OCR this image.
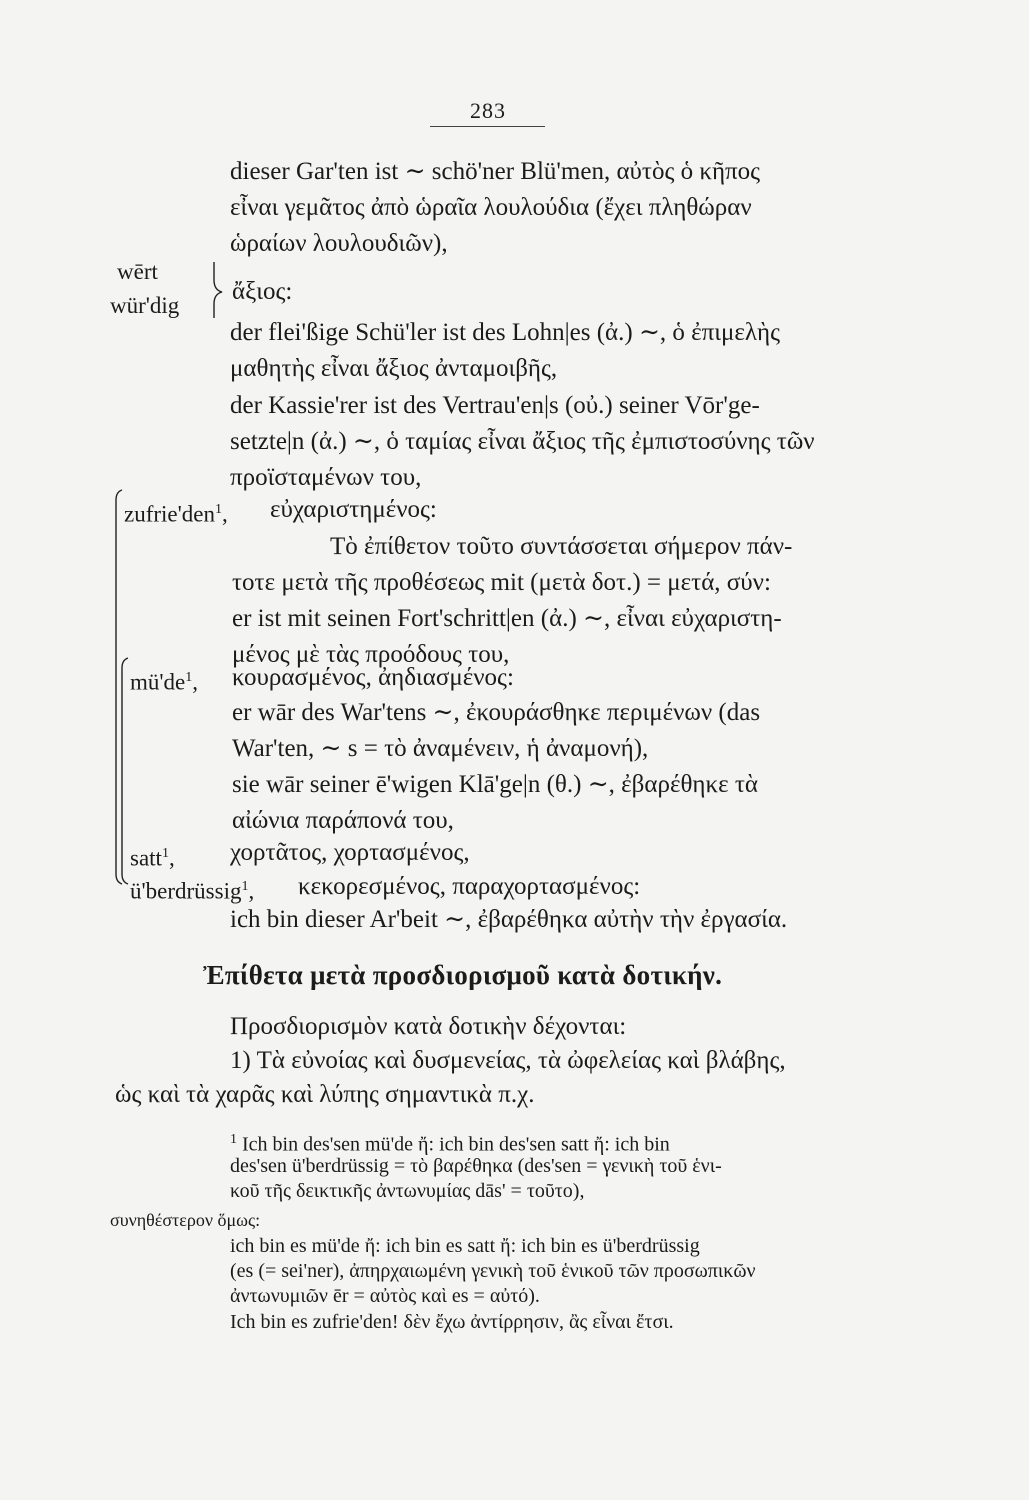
283
dieser Gar'ten ist ∼ schö'ner Blü'men, αὐτὸς ὁ κῆπος
εἶναι γεμᾶτος ἀπὸ ὡραῖα λουλούδια (ἔχει πληθώραν
ὡραίων λουλουδιῶν),
wērt
wür'dig
ἄξιος:
der flei'ßige Schü'ler ist des Lohn|es (ἀ.) ∼, ὁ ἐπιμελὴς
μαθητὴς εἶναι ἄξιος ἀνταμοιβῆς,
der Kassie'rer ist des Vertrau'en|s (οὐ.) seiner Vōr'ge-
setzte|n (ἀ.) ∼, ὁ ταμίας εἶναι ἄξιος τῆς ἐμπιστοσύνης τῶν
προϊσταμένων του,
zufrie'den$^1$, εὐχαριστημένος:
Τὸ ἐπίθετον τοῦτο συντάσσεται σήμερον πάν-
τοτε μετὰ τῆς προθέσεως mit (μετὰ δοτ.) = μετά, σύν:
er ist mit seinen Fort'schritt|en (ἀ.) ∼, εἶναι εὐχαριστη-
μένος μὲ τὰς προόδους του,
$mü'de^1$, κουρασμένος, ἀηδιασμένος:
er wār des War'tens ∼, ἐκουράσθηκε περιμένων (das
War'ten, ∼ s = τὸ ἀναμένειν, ἡ ἀναμονή),
sie wār seiner ē'wigen Klā'ge|n (θ.) ∼, ἐβαρέθηκε τὰ
αἰώνια παράπονά του,
satt$^1$, χορτᾶτος, χορτασμένος,
ü'berdrüssig$^1$, κεκορεσμένος, παραχορτασμένος:
ich bin dieser Ar'beit ∼, ἐβαρέθηκα αὐτὴν τὴν ἐργασία.
Ἐπίθετα μετὰ προσδιορισμοῦ κατὰ δοτικήν.
Προσδιορισμὸν κατὰ δοτικὴν δέχονται:
1) Τὰ εὐνοίας καὶ δυσμενείας, τὰ ὠφελείας καὶ βλάβης,
ὡς καὶ τὰ χαρᾶς καὶ λύπης σημαντικὰ π.χ.
$^1$ Ich bin des'sen mü'de ἤ: ich bin des'sen satt ἤ: ich bin
des'sen ü'berdrüssig = τὸ βαρέθηκα (des'sen = γενικὴ τοῦ ἑνι-
κοῦ τῆς δεικτικῆς ἀντωνυμίας dās' = τοῦτο),
συνηθέστερον ὅμως:
ich bin es mü'de ἤ: ich bin es satt ἤ: ich bin es ü'berdrüssig
(es (= sei'ner), ἀπηρχαιωμένη γενικὴ τοῦ ἑνικοῦ τῶν προσωπικῶν
ἀντωνυμιῶν ēr = αὐτὸς καὶ es = αὐτό).
Ich bin es zufrie'den! δὲν ἔχω ἀντίρρησιν, ἂς εἶναι ἔτσι.
